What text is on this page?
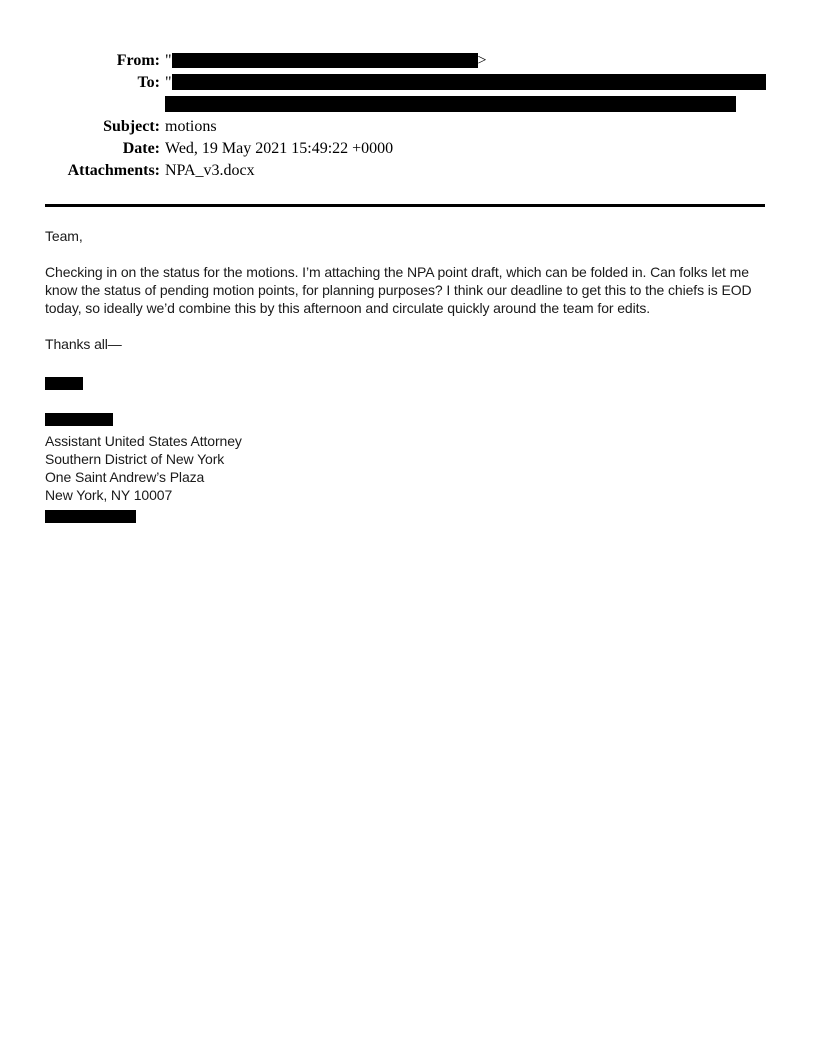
From: "	>
To: "
Subject: motions
Date: Wed, 19 May 2021 15:49:22 +0000
Attachments: NPA_v3.docx
Team,
Checking in on the status for the motions. I’m attaching the NPA point draft, which can be folded in. Can folks let me know the status of pending motion points, for planning purposes? I think our deadline to get this to the chiefs is EOD today, so ideally we’d combine this by this afternoon and circulate quickly around the team for edits.
Thanks all—
Assistant United States Attorney
Southern District of New York
One Saint Andrew’s Plaza
New York, NY 10007
